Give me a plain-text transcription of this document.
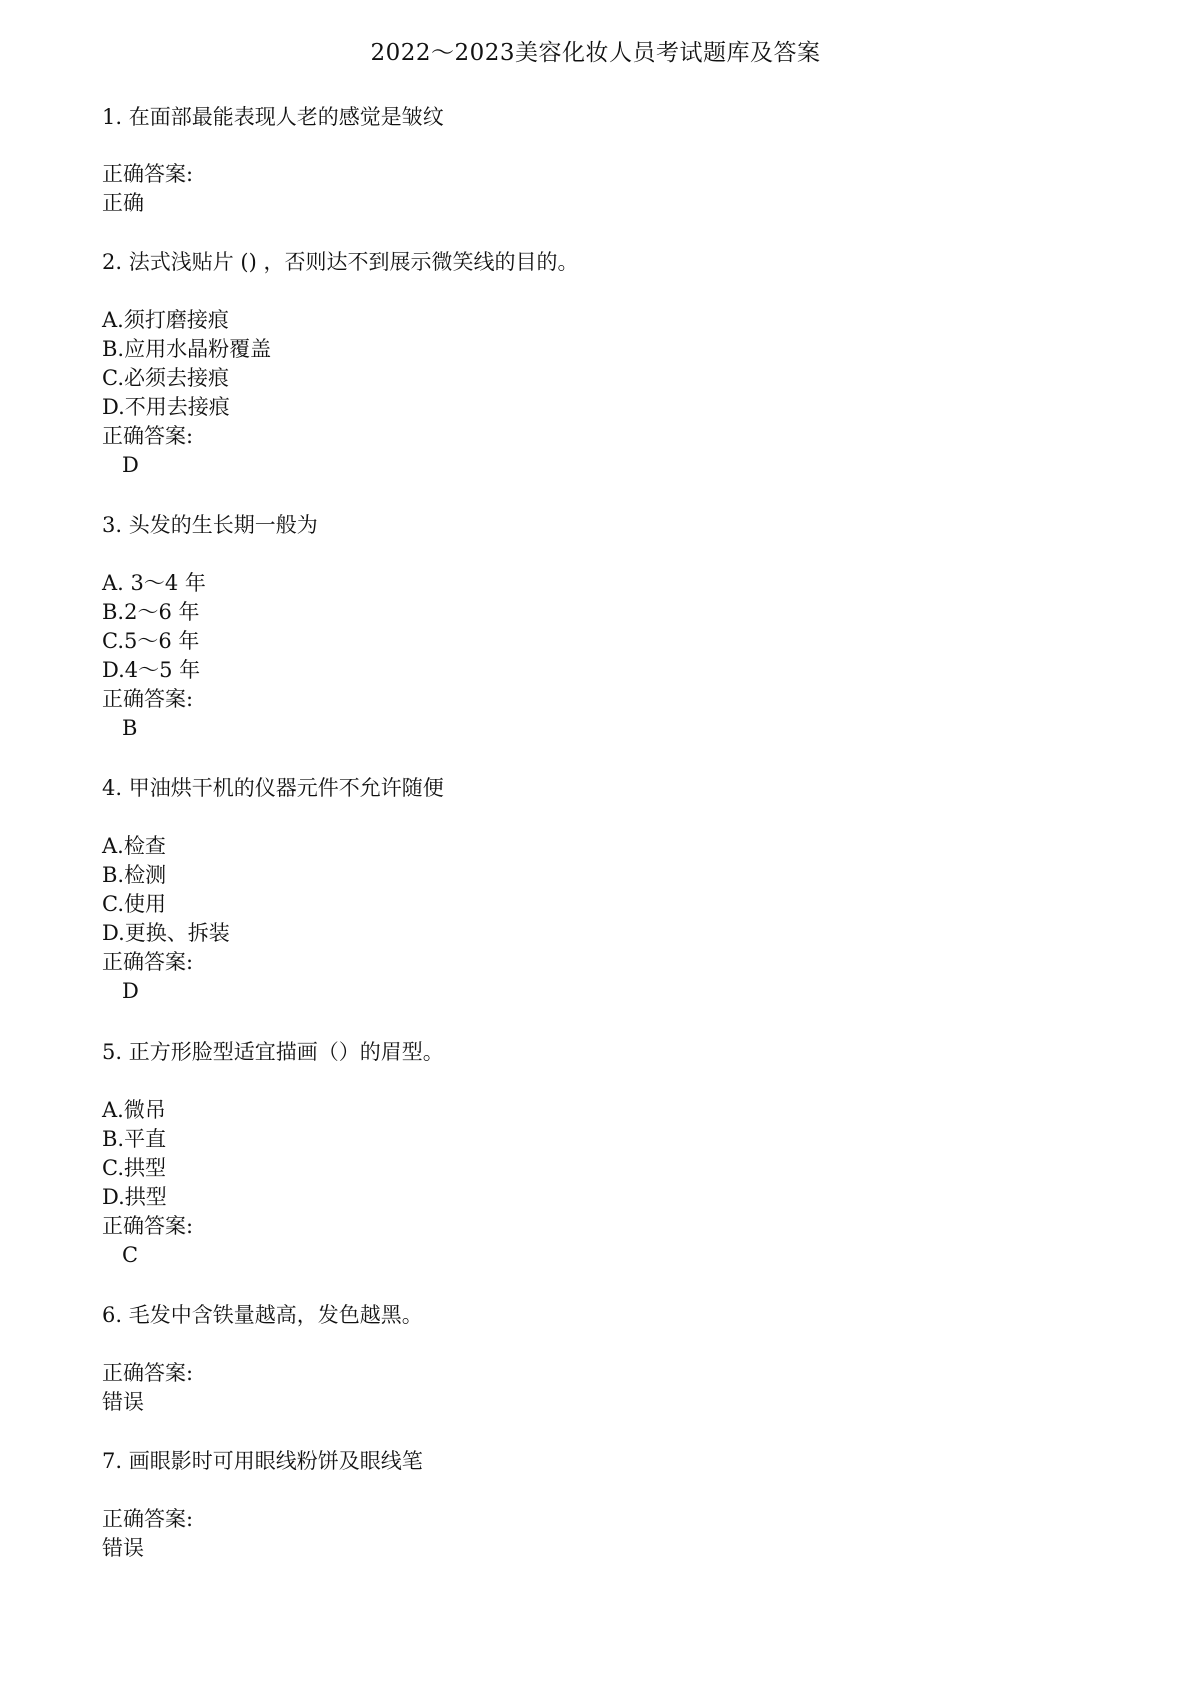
2022～2023美容化妆人员考试题库及答案
1. 在面部最能表现人老的感觉是皱纹
正确答案:
正确
2. 法式浅贴片 () ，否则达不到展示微笑线的目的。
A.须打磨接痕
B.应用水晶粉覆盖
C.必须去接痕
D.不用去接痕
正确答案:
D
3. 头发的生长期一般为
A. 3～4 年
B.2～6 年
C.5～6 年
D.4～5 年
正确答案:
B
4. 甲油烘干机的仪器元件不允许随便
A.检查
B.检测
C.使用
D.更换、拆装
正确答案:
D
5. 正方形脸型适宜描画（）的眉型。
A.微吊
B.平直
C.拱型
D.拱型
正确答案:
C
6. 毛发中含铁量越高，发色越黑。
正确答案:
错误
7. 画眼影时可用眼线粉饼及眼线笔
正确答案:
错误
